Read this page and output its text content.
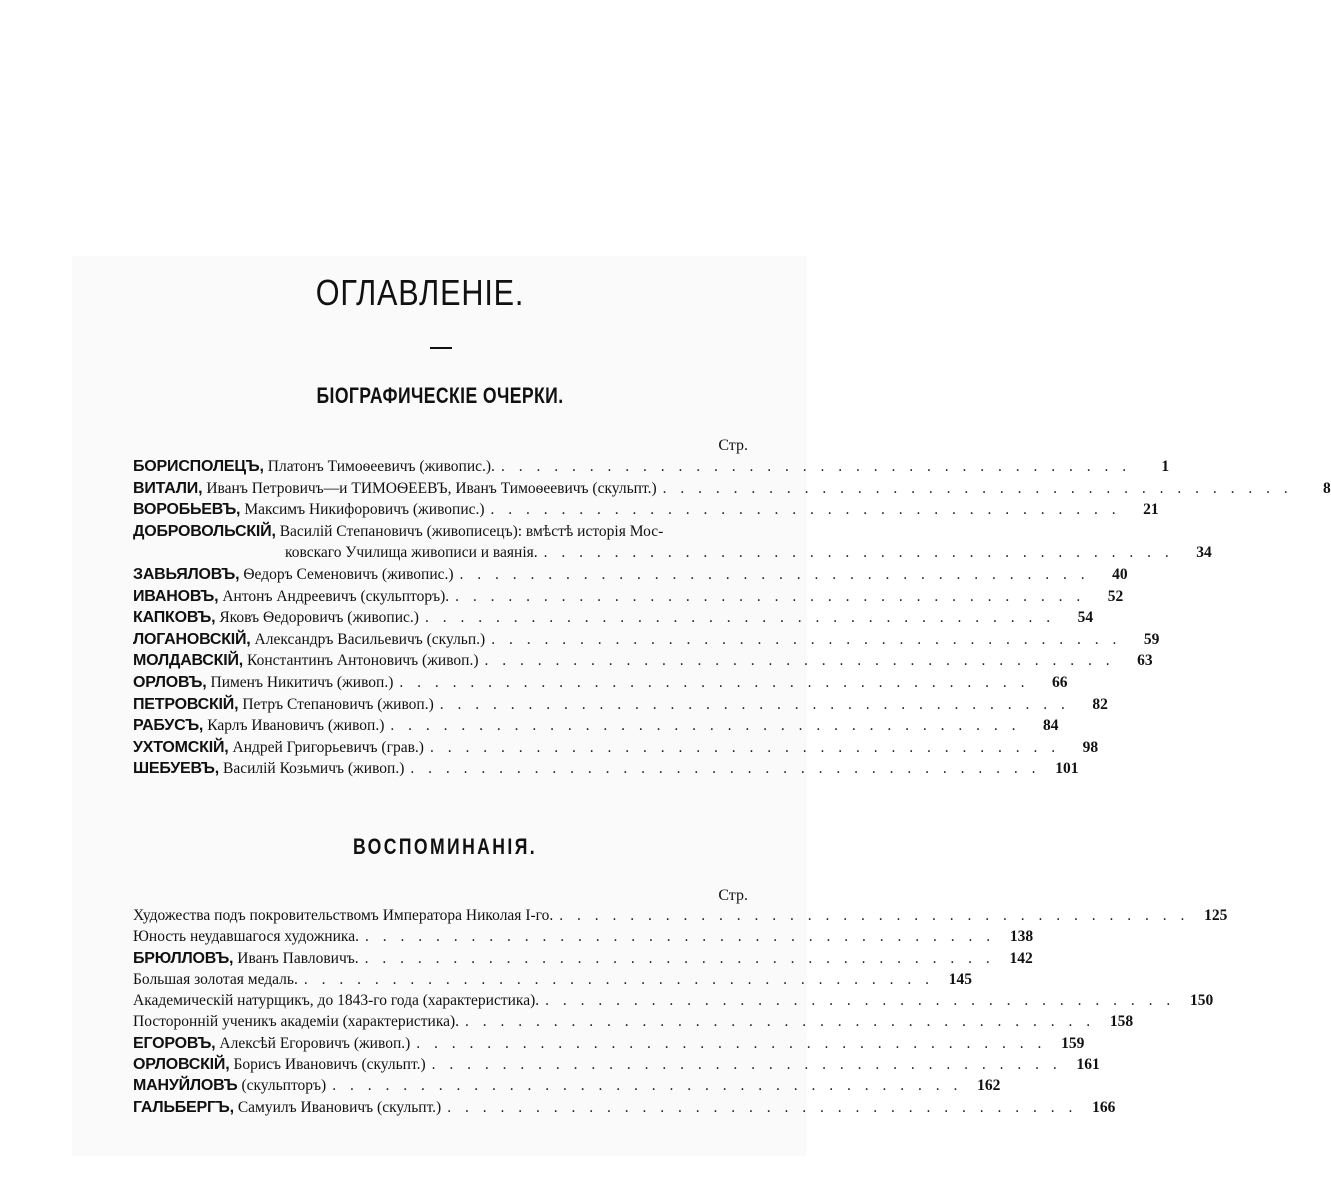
ОГЛАВЛЕНІЕ.
БІОГРАФИЧЕСКІЕ ОЧЕРКИ.
Стр.
БОРИСПОЛЕЦЪ, Платонъ Тимоѳеевичъ (живопис.). . . . . . . . . . . . . . . . . . . . . . . . . . . . . . . . . . . . .	1
ВИТАЛИ, Иванъ Петровичъ—и ТИМОѲЕЕВЪ, Иванъ Тимоѳеевичъ (скульпт.) . . . . . . . . . . . . . . . . . . . . . . . . . . . . . . . . . . . .	8
ВОРОБЬЕВЪ, Максимъ Никифоровичъ (живопис.) . . . . . . . . . . . . . . . . . . . . . . . . . . . . . . . . . . . .	21
ДОБРОВОЛЬСКІЙ, Василій Степановичъ (живописецъ): вмѣстѣ исторія Мос-
ковскаго Училища живописи и ваянія. . . . . . . . . . . . . . . . . . . . . . . . . . . . . . . . . . . . .	34
ЗАВЬЯЛОВЪ, Ѳедоръ Семеновичъ (живопис.) . . . . . . . . . . . . . . . . . . . . . . . . . . . . . . . . . . . .	40
ИВАНОВЪ, Антонъ Андреевичъ (скульпторъ). . . . . . . . . . . . . . . . . . . . . . . . . . . . . . . . . . . . .	52
КАПКОВЪ, Яковъ Ѳедоровичъ (живопис.) . . . . . . . . . . . . . . . . . . . . . . . . . . . . . . . . . . . .	54
ЛОГАНОВСКІЙ, Александръ Васильевичъ (скульп.) . . . . . . . . . . . . . . . . . . . . . . . . . . . . . . . . . . . .	59
МОЛДАВСКІЙ, Константинъ Антоновичъ (живоп.) . . . . . . . . . . . . . . . . . . . . . . . . . . . . . . . . . . . .	63
ОРЛОВЪ, Пименъ Никитичъ (живоп.) . . . . . . . . . . . . . . . . . . . . . . . . . . . . . . . . . . . .	66
ПЕТРОВСКІЙ, Петръ Степановичъ (живоп.) . . . . . . . . . . . . . . . . . . . . . . . . . . . . . . . . . . . .	82
РАБУСЪ, Карлъ Ивановичъ (живоп.) . . . . . . . . . . . . . . . . . . . . . . . . . . . . . . . . . . . .	84
УХТОМСКІЙ, Андрей Григорьевичъ (грав.) . . . . . . . . . . . . . . . . . . . . . . . . . . . . . . . . . . . .	98
ШЕБУЕВЪ, Василій Козьмичъ (живоп.) . . . . . . . . . . . . . . . . . . . . . . . . . . . . . . . . . . . . 101
ВОСПОМИНАНІЯ.
Стр.
Художества подъ покровительствомъ Императора Николая I-го. . . . . . . . . . . . . . . . . . . . . . . . . . . . . . . . . . . . . 125
Юность неудавшагося художника. . . . . . . . . . . . . . . . . . . . . . . . . . . . . . . . . . . . . 138
БРЮЛЛОВЪ, Иванъ Павловичъ. . . . . . . . . . . . . . . . . . . . . . . . . . . . . . . . . . . . . 142
Большая золотая медаль. . . . . . . . . . . . . . . . . . . . . . . . . . . . . . . . . . . . . 145
Академическій натурщикъ, до 1843-го года (характеристика). . . . . . . . . . . . . . . . . . . . . . . . . . . . . . . . . . . . . 150
Посторонній ученикъ академіи (характеристика). . . . . . . . . . . . . . . . . . . . . . . . . . . . . . . . . . . . . 158
ЕГОРОВЪ, Алексѣй Егоровичъ (живоп.) . . . . . . . . . . . . . . . . . . . . . . . . . . . . . . . . . . . . 159
ОРЛОВСКІЙ, Борисъ Ивановичъ (скульпт.) . . . . . . . . . . . . . . . . . . . . . . . . . . . . . . . . . . . . 161
МАНУЙЛОВЪ (скульпторъ) . . . . . . . . . . . . . . . . . . . . . . . . . . . . . . . . . . . . 162
ГАЛЬБЕРГЪ, Самуилъ Ивановичъ (скульпт.) . . . . . . . . . . . . . . . . . . . . . . . . . . . . . . . . . . . . 166
